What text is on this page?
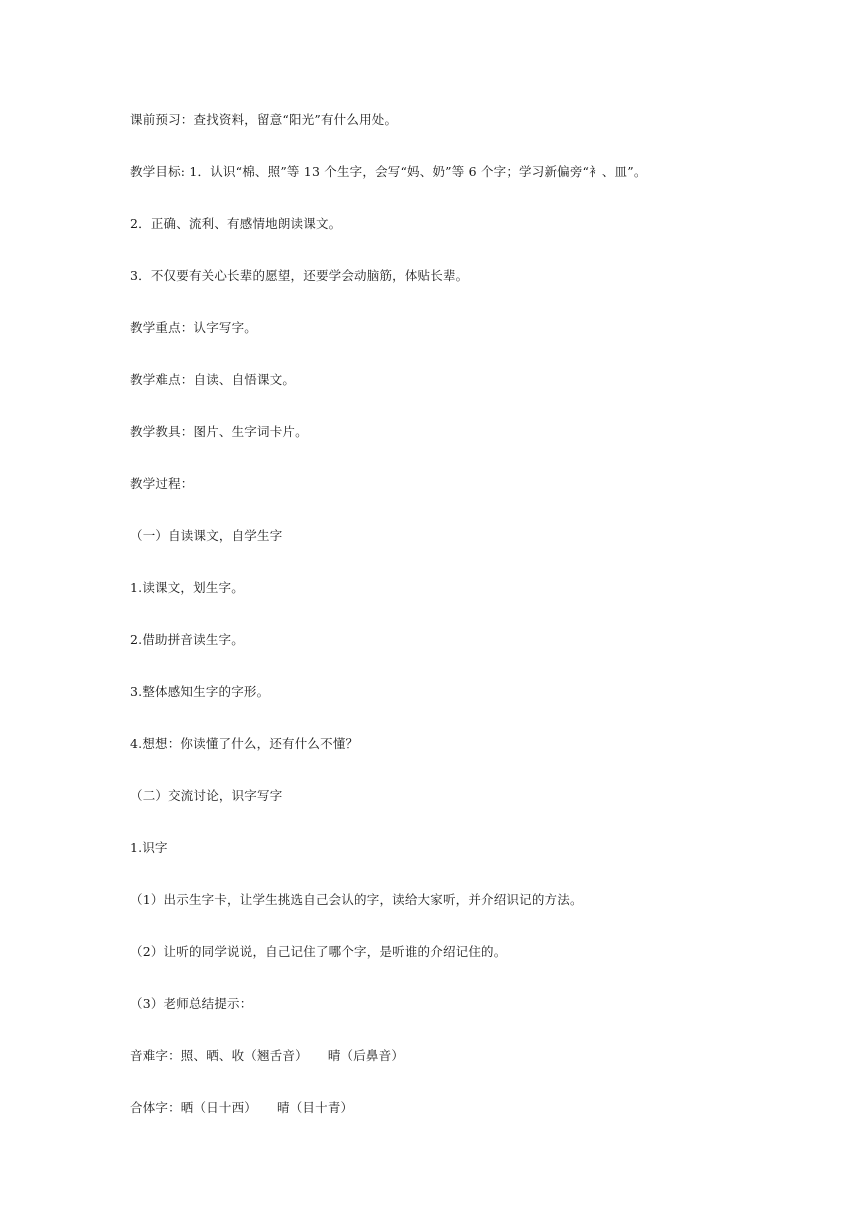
课前预习：查找资料，留意“阳光”有什么用处。
教学目标: 1．认识“棉、照”等 13 个生字，会写“妈、奶”等 6 个字；学习新偏旁“衤、皿”。
2．正确、流利、有感情地朗读课文。
3．不仅要有关心长辈的愿望，还要学会动脑筋，体贴长辈。
教学重点：认字写字。
教学难点：自读、自悟课文。
教学教具：图片、生字词卡片。
教学过程：
（一）自读课文，自学生字
1.读课文，划生字。
2.借助拼音读生字。
3.整体感知生字的字形。
4.想想：你读懂了什么，还有什么不懂？
（二）交流讨论，识字写字
1.识字
（1）出示生字卡，让学生挑选自己会认的字，读给大家听，并介绍识记的方法。
（2）让听的同学说说，自己记住了哪个字，是听谁的介绍记住的。
（3）老师总结提示：
音难字：照、晒、收（翘舌音） 晴（后鼻音）
合体字：晒（日十西） 晴（目十青）
